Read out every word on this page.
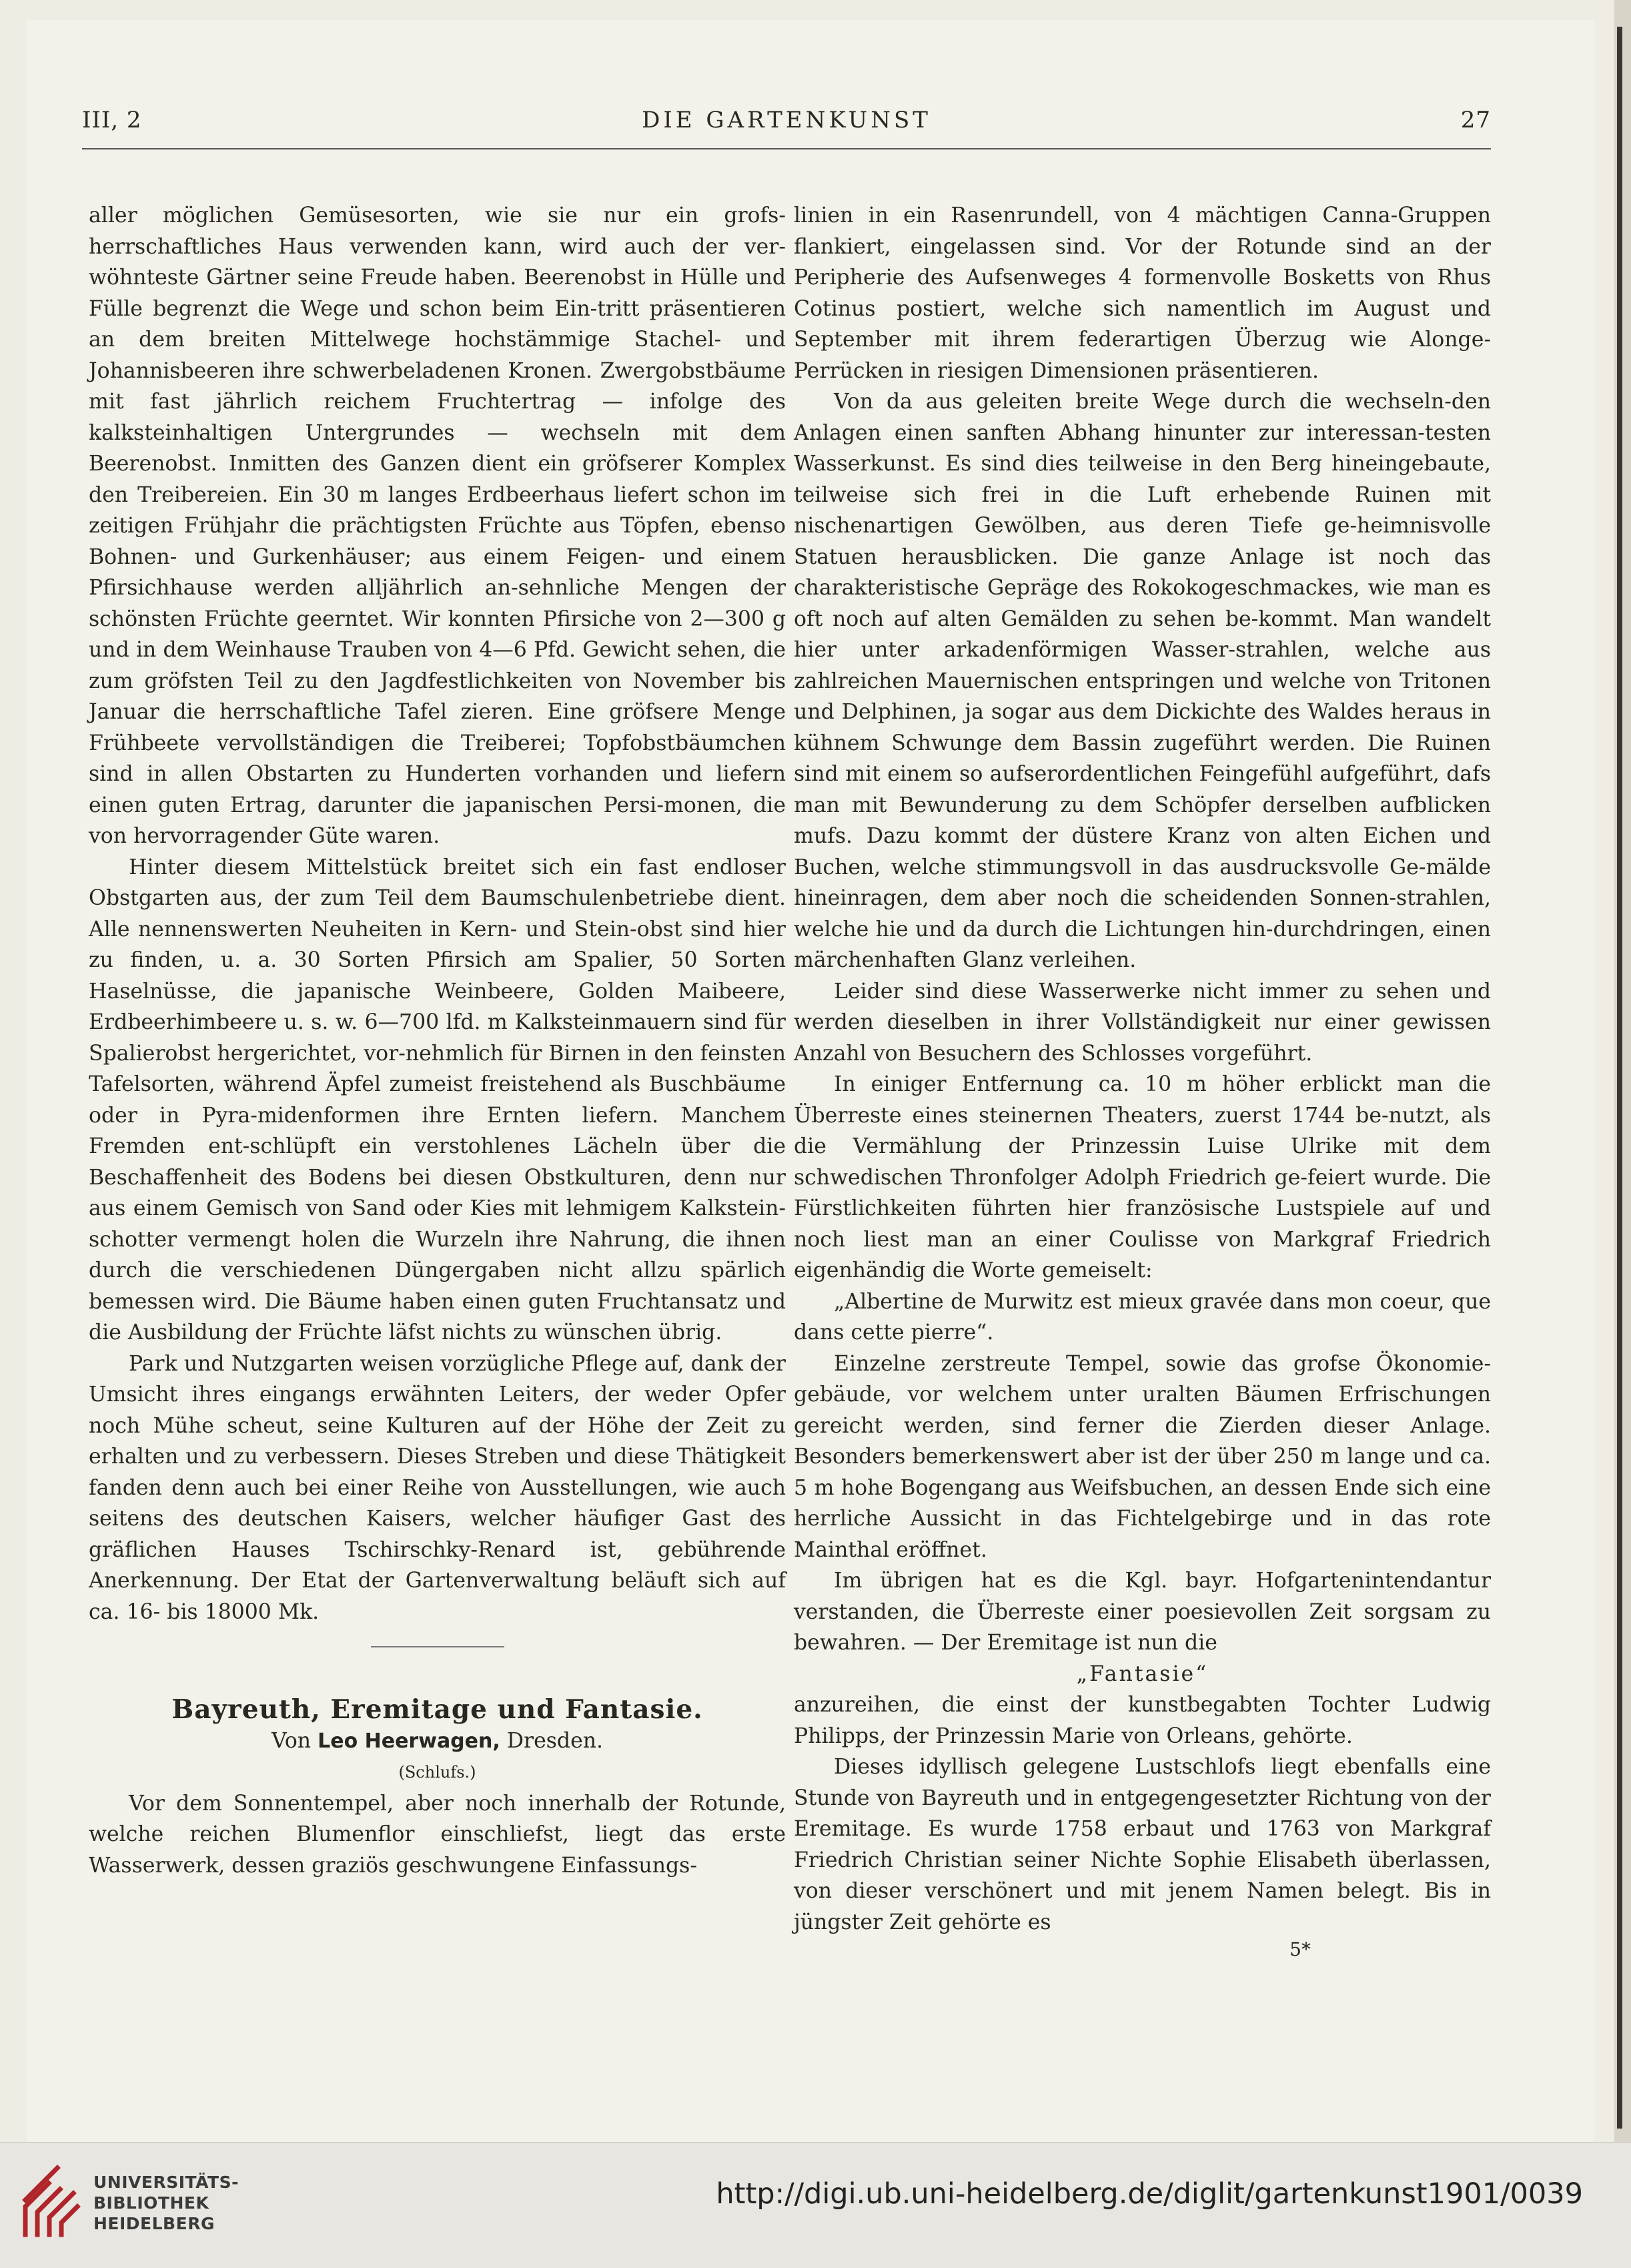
III, 2	DIE GARTENKUNST	27

aller möglichen Gemüsesorten, wie sie nur ein grofs-herrschaftliches Haus verwenden kann, wird auch der ver-wöhnteste Gärtner seine Freude haben. Beerenobst in Hülle und Fülle begrenzt die Wege und schon beim Ein-tritt präsentieren an dem breiten Mittelwege hochstämmige Stachel- und Johannisbeeren ihre schwerbeladenen Kronen. Zwergobstbäume mit fast jährlich reichem Fruchtertrag — infolge des kalksteinhaltigen Untergrundes — wechseln mit dem Beerenobst. Inmitten des Ganzen dient ein gröfserer Komplex den Treibereien. Ein 30 m langes Erdbeerhaus liefert schon im zeitigen Frühjahr die prächtigsten Früchte aus Töpfen, ebenso Bohnen- und Gurkenhäuser; aus einem Feigen- und einem Pfirsichhause werden alljährlich an-sehnliche Mengen der schönsten Früchte geerntet. Wir konnten Pfirsiche von 2—300 g und in dem Weinhause Trauben von 4—6 Pfd. Gewicht sehen, die zum gröfsten Teil zu den Jagdfestlichkeiten von November bis Januar die herrschaftliche Tafel zieren. Eine gröfsere Menge Frühbeete vervollständigen die Treiberei; Topfobstbäumchen sind in allen Obstarten zu Hunderten vorhanden und liefern einen guten Ertrag, darunter die japanischen Persi-monen, die von hervorragender Güte waren.

Hinter diesem Mittelstück breitet sich ein fast endloser Obstgarten aus, der zum Teil dem Baumschulenbetriebe dient. Alle nennenswerten Neuheiten in Kern- und Stein-obst sind hier zu finden, u. a. 30 Sorten Pfirsich am Spalier, 50 Sorten Haselnüsse, die japanische Weinbeere, Golden Maibeere, Erdbeerhimbeere u. s. w. 6—700 lfd. m Kalksteinmauern sind für Spalierobst hergerichtet, vor-nehmlich für Birnen in den feinsten Tafelsorten, während Äpfel zumeist freistehend als Buschbäume oder in Pyra-midenformen ihre Ernten liefern. Manchem Fremden ent-schlüpft ein verstohlenes Lächeln über die Beschaffenheit des Bodens bei diesen Obstkulturen, denn nur aus einem Gemisch von Sand oder Kies mit lehmigem Kalkstein-schotter vermengt holen die Wurzeln ihre Nahrung, die ihnen durch die verschiedenen Düngergaben nicht allzu spärlich bemessen wird. Die Bäume haben einen guten Fruchtansatz und die Ausbildung der Früchte läfst nichts zu wünschen übrig.

Park und Nutzgarten weisen vorzügliche Pflege auf, dank der Umsicht ihres eingangs erwähnten Leiters, der weder Opfer noch Mühe scheut, seine Kulturen auf der Höhe der Zeit zu erhalten und zu verbessern. Dieses Streben und diese Thätigkeit fanden denn auch bei einer Reihe von Ausstellungen, wie auch seitens des deutschen Kaisers, welcher häufiger Gast des gräflichen Hauses Tschirschky-Renard ist, gebührende Anerkennung. Der Etat der Gartenverwaltung beläuft sich auf ca. 16- bis 18000 Mk.

Bayreuth, Eremitage und Fantasie.

Von Leo Heerwagen, Dresden.

(Schlufs.)

Vor dem Sonnentempel, aber noch innerhalb der Rotunde, welche reichen Blumenflor einschliefst, liegt das erste Wasserwerk, dessen graziös geschwungene Einfassungs-

linien in ein Rasenrundell, von 4 mächtigen Canna-Gruppen flankiert, eingelassen sind. Vor der Rotunde sind an der Peripherie des Aufsenweges 4 formenvolle Bosketts von Rhus Cotinus postiert, welche sich namentlich im August und September mit ihrem federartigen Überzug wie Alonge-Perrücken in riesigen Dimensionen präsentieren.

Von da aus geleiten breite Wege durch die wechseln-den Anlagen einen sanften Abhang hinunter zur interessan-testen Wasserkunst. Es sind dies teilweise in den Berg hineingebaute, teilweise sich frei in die Luft erhebende Ruinen mit nischenartigen Gewölben, aus deren Tiefe ge-heimnisvolle Statuen herausblicken. Die ganze Anlage ist noch das charakteristische Gepräge des Rokokogeschmackes, wie man es oft noch auf alten Gemälden zu sehen be-kommt. Man wandelt hier unter arkadenförmigen Wasser-strahlen, welche aus zahlreichen Mauernischen entspringen und welche von Tritonen und Delphinen, ja sogar aus dem Dickichte des Waldes heraus in kühnem Schwunge dem Bassin zugeführt werden. Die Ruinen sind mit einem so aufserordentlichen Feingefühl aufgeführt, dafs man mit Bewunderung zu dem Schöpfer derselben aufblicken mufs. Dazu kommt der düstere Kranz von alten Eichen und Buchen, welche stimmungsvoll in das ausdrucksvolle Ge-mälde hineinragen, dem aber noch die scheidenden Sonnen-strahlen, welche hie und da durch die Lichtungen hin-durchdringen, einen märchenhaften Glanz verleihen.

Leider sind diese Wasserwerke nicht immer zu sehen und werden dieselben in ihrer Vollständigkeit nur einer gewissen Anzahl von Besuchern des Schlosses vorgeführt.

In einiger Entfernung ca. 10 m höher erblickt man die Überreste eines steinernen Theaters, zuerst 1744 be-nutzt, als die Vermählung der Prinzessin Luise Ulrike mit dem schwedischen Thronfolger Adolph Friedrich ge-feiert wurde. Die Fürstlichkeiten führten hier französische Lustspiele auf und noch liest man an einer Coulisse von Markgraf Friedrich eigenhändig die Worte gemeiselt:

„Albertine de Murwitz est mieux gravée dans mon coeur, que dans cette pierre“.

Einzelne zerstreute Tempel, sowie das grofse Ökonomie-gebäude, vor welchem unter uralten Bäumen Erfrischungen gereicht werden, sind ferner die Zierden dieser Anlage. Besonders bemerkenswert aber ist der über 250 m lange und ca. 5 m hohe Bogengang aus Weifsbuchen, an dessen Ende sich eine herrliche Aussicht in das Fichtelgebirge und in das rote Mainthal eröffnet.

Im übrigen hat es die Kgl. bayr. Hofgartenintendantur verstanden, die Überreste einer poesievollen Zeit sorgsam zu bewahren. — Der Eremitage ist nun die

„Fantasie“

anzureihen, die einst der kunstbegabten Tochter Ludwig Philipps, der Prinzessin Marie von Orleans, gehörte.

Dieses idyllisch gelegene Lustschlofs liegt ebenfalls eine Stunde von Bayreuth und in entgegengesetzter Richtung von der Eremitage. Es wurde 1758 erbaut und 1763 von Markgraf Friedrich Christian seiner Nichte Sophie Elisabeth überlassen, von dieser verschönert und mit jenem Namen belegt. Bis in jüngster Zeit gehörte es

5*

UNIVERSITÄTS-
BIBLIOTHEK
HEIDELBERG
http://digi.ub.uni-heidelberg.de/diglit/gartenkunst1901/0039
